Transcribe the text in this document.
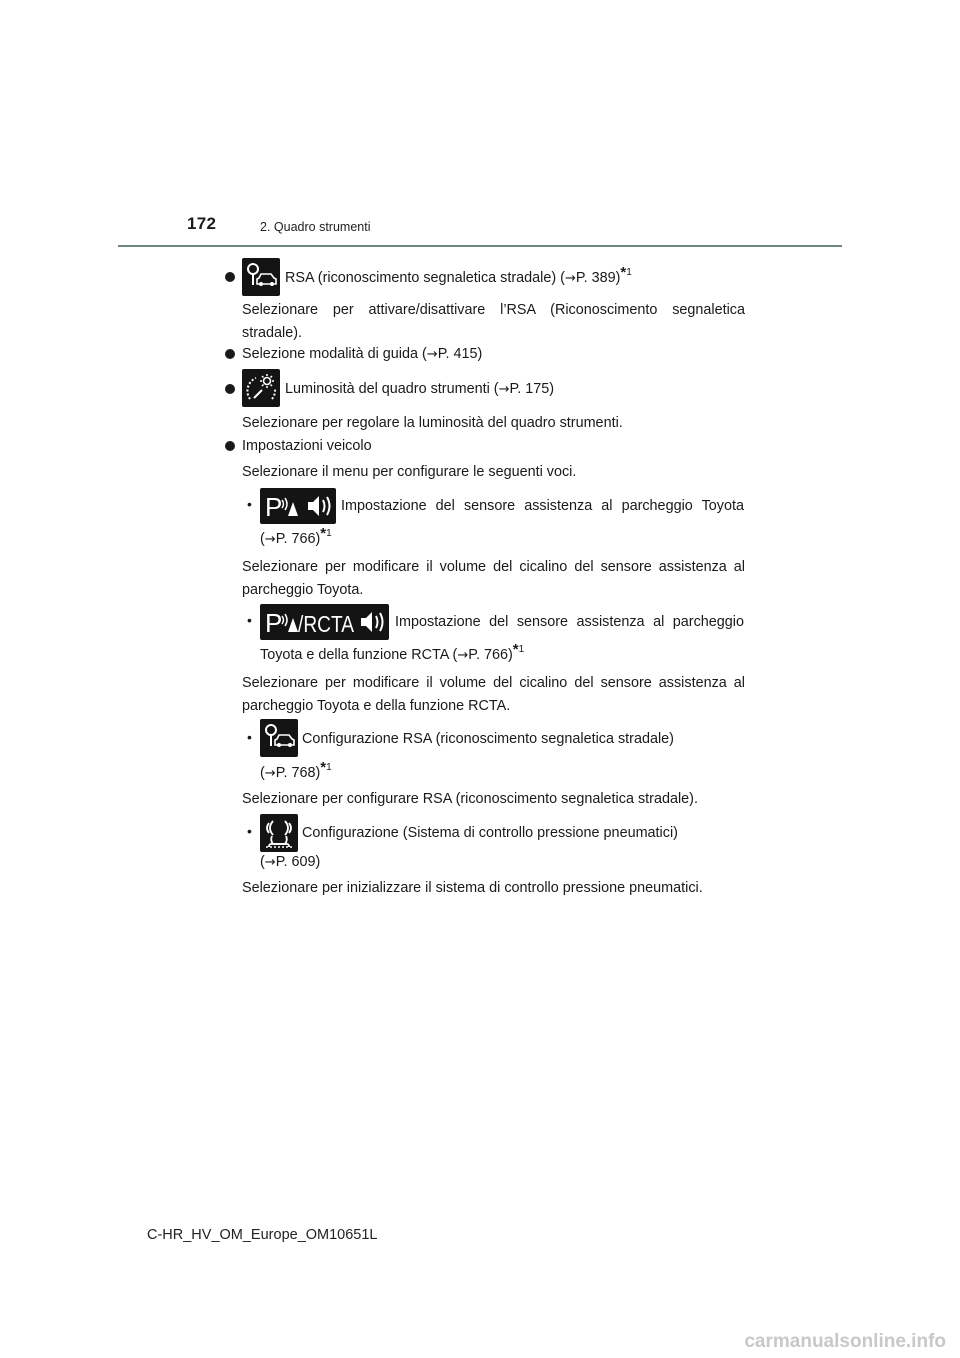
172	2. Quadro strumenti
RSA (riconoscimento segnaletica stradale) (→P. 389)$^{*1}$
Selezionare per attivare/disattivare l’RSA (Riconoscimento segnaletica stradale).
Selezione modalità di guida (→P. 415)
Luminosità del quadro strumenti (→P. 175)
Selezionare per regolare la luminosità del quadro strumenti.
Impostazioni veicolo
Selezionare il menu per configurare le seguenti voci.
• P	Impostazione del sensore assistenza al parcheggio Toyota
(→P. 766)$^{*1}$
Selezionare per modificare il volume del cicalino del sensore assistenza al parcheggio Toyota.
• P /RCTA	Impostazione del sensore assistenza al parcheggio
Toyota e della funzione RCTA (→P. 766)$^{*1}$
Selezionare per modificare il volume del cicalino del sensore assistenza al parcheggio Toyota e della funzione RCTA.
•	Configurazione RSA (riconoscimento segnaletica stradale)
(→P. 768)$^{*1}$
Selezionare per configurare RSA (riconoscimento segnaletica stradale).
•	Configurazione (Sistema di controllo pressione pneumatici)
(→P. 609)
Selezionare per inizializzare il sistema di controllo pressione pneumatici.
C-HR_HV_OM_Europe_OM10651L
carmanualsonline.info
